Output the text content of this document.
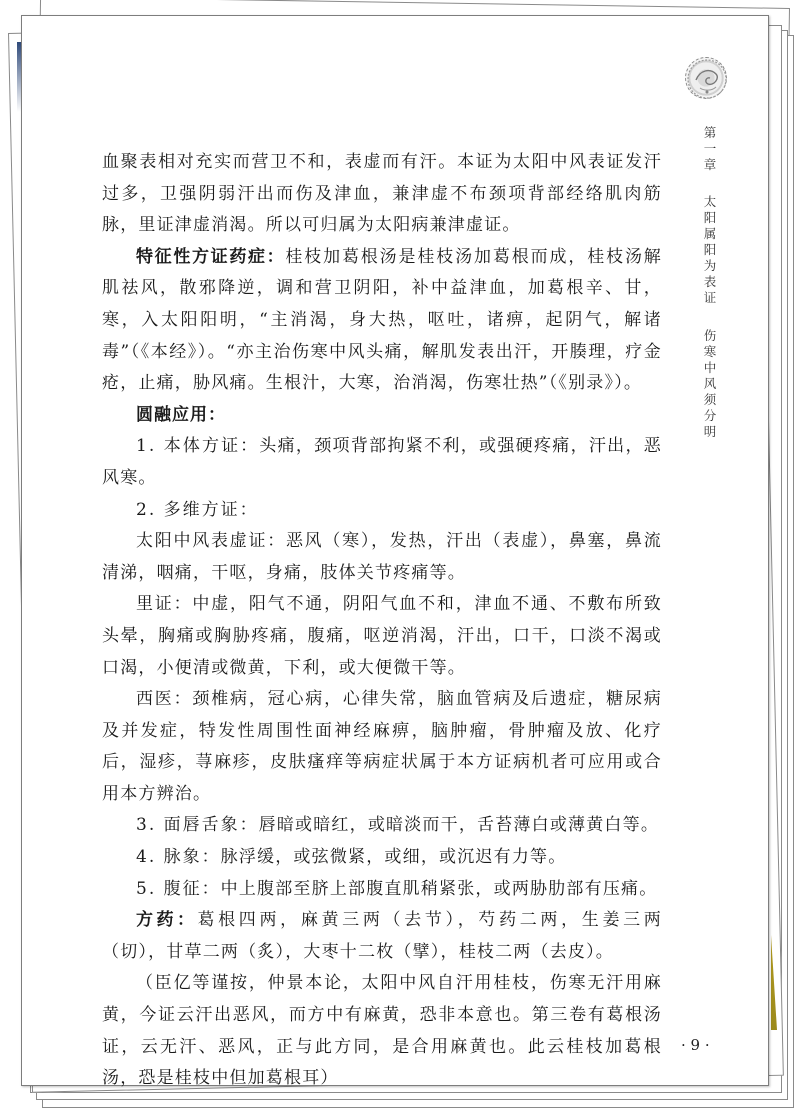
第一章 太阳属阳为表证 伤寒中风须分明

血聚表相对充实而营卫不和，表虚而有汗。本证为太阳中风表证发汗过多，卫强阴弱汗出而伤及津血，兼津虚不布颈项背部经络肌肉筋脉，里证津虚消渴。所以可归属为太阳病兼津虚证。

特征性方证药症：桂枝加葛根汤是桂枝汤加葛根而成，桂枝汤解肌祛风，散邪降逆，调和营卫阴阳，补中益津血，加葛根辛、甘，寒，入太阳阳明，“主消渴，身大热，呕吐，诸痹，起阴气，解诸毒”（《本经》）。“亦主治伤寒中风头痛，解肌发表出汗，开腠理，疗金疮，止痛，胁风痛。生根汁，大寒，治消渴，伤寒壮热”（《别录》）。

圆融应用：

1. 本体方证：头痛，颈项背部拘紧不利，或强硬疼痛，汗出，恶风寒。

2. 多维方证：

太阳中风表虚证：恶风（寒），发热，汗出（表虚），鼻塞，鼻流清涕，咽痛，干呕，身痛，肢体关节疼痛等。

里证：中虚，阳气不通，阴阳气血不和，津血不通、不敷布所致头晕，胸痛或胸胁疼痛，腹痛，呕逆消渴，汗出，口干，口淡不渴或口渴，小便清或微黄，下利，或大便微干等。

西医：颈椎病，冠心病，心律失常，脑血管病及后遗症，糖尿病及并发症，特发性周围性面神经麻痹，脑肿瘤，骨肿瘤及放、化疗后，湿疹，荨麻疹，皮肤瘙痒等病症状属于本方证病机者可应用或合用本方辨治。

3. 面唇舌象：唇暗或暗红，或暗淡而干，舌苔薄白或薄黄白等。

4. 脉象：脉浮缓，或弦微紧，或细，或沉迟有力等。

5. 腹征：中上腹部至脐上部腹直肌稍紧张，或两胁肋部有压痛。

方药：葛根四两，麻黄三两（去节），芍药二两，生姜三两（切），甘草二两（炙），大枣十二枚（擘），桂枝二两（去皮）。

（臣亿等谨按，仲景本论，太阳中风自汗用桂枝，伤寒无汗用麻黄，今证云汗出恶风，而方中有麻黄，恐非本意也。第三卷有葛根汤证，云无汗、恶风，正与此方同，是合用麻黄也。此云桂枝加葛根汤，恐是桂枝中但加葛根耳）

· 9 ·
